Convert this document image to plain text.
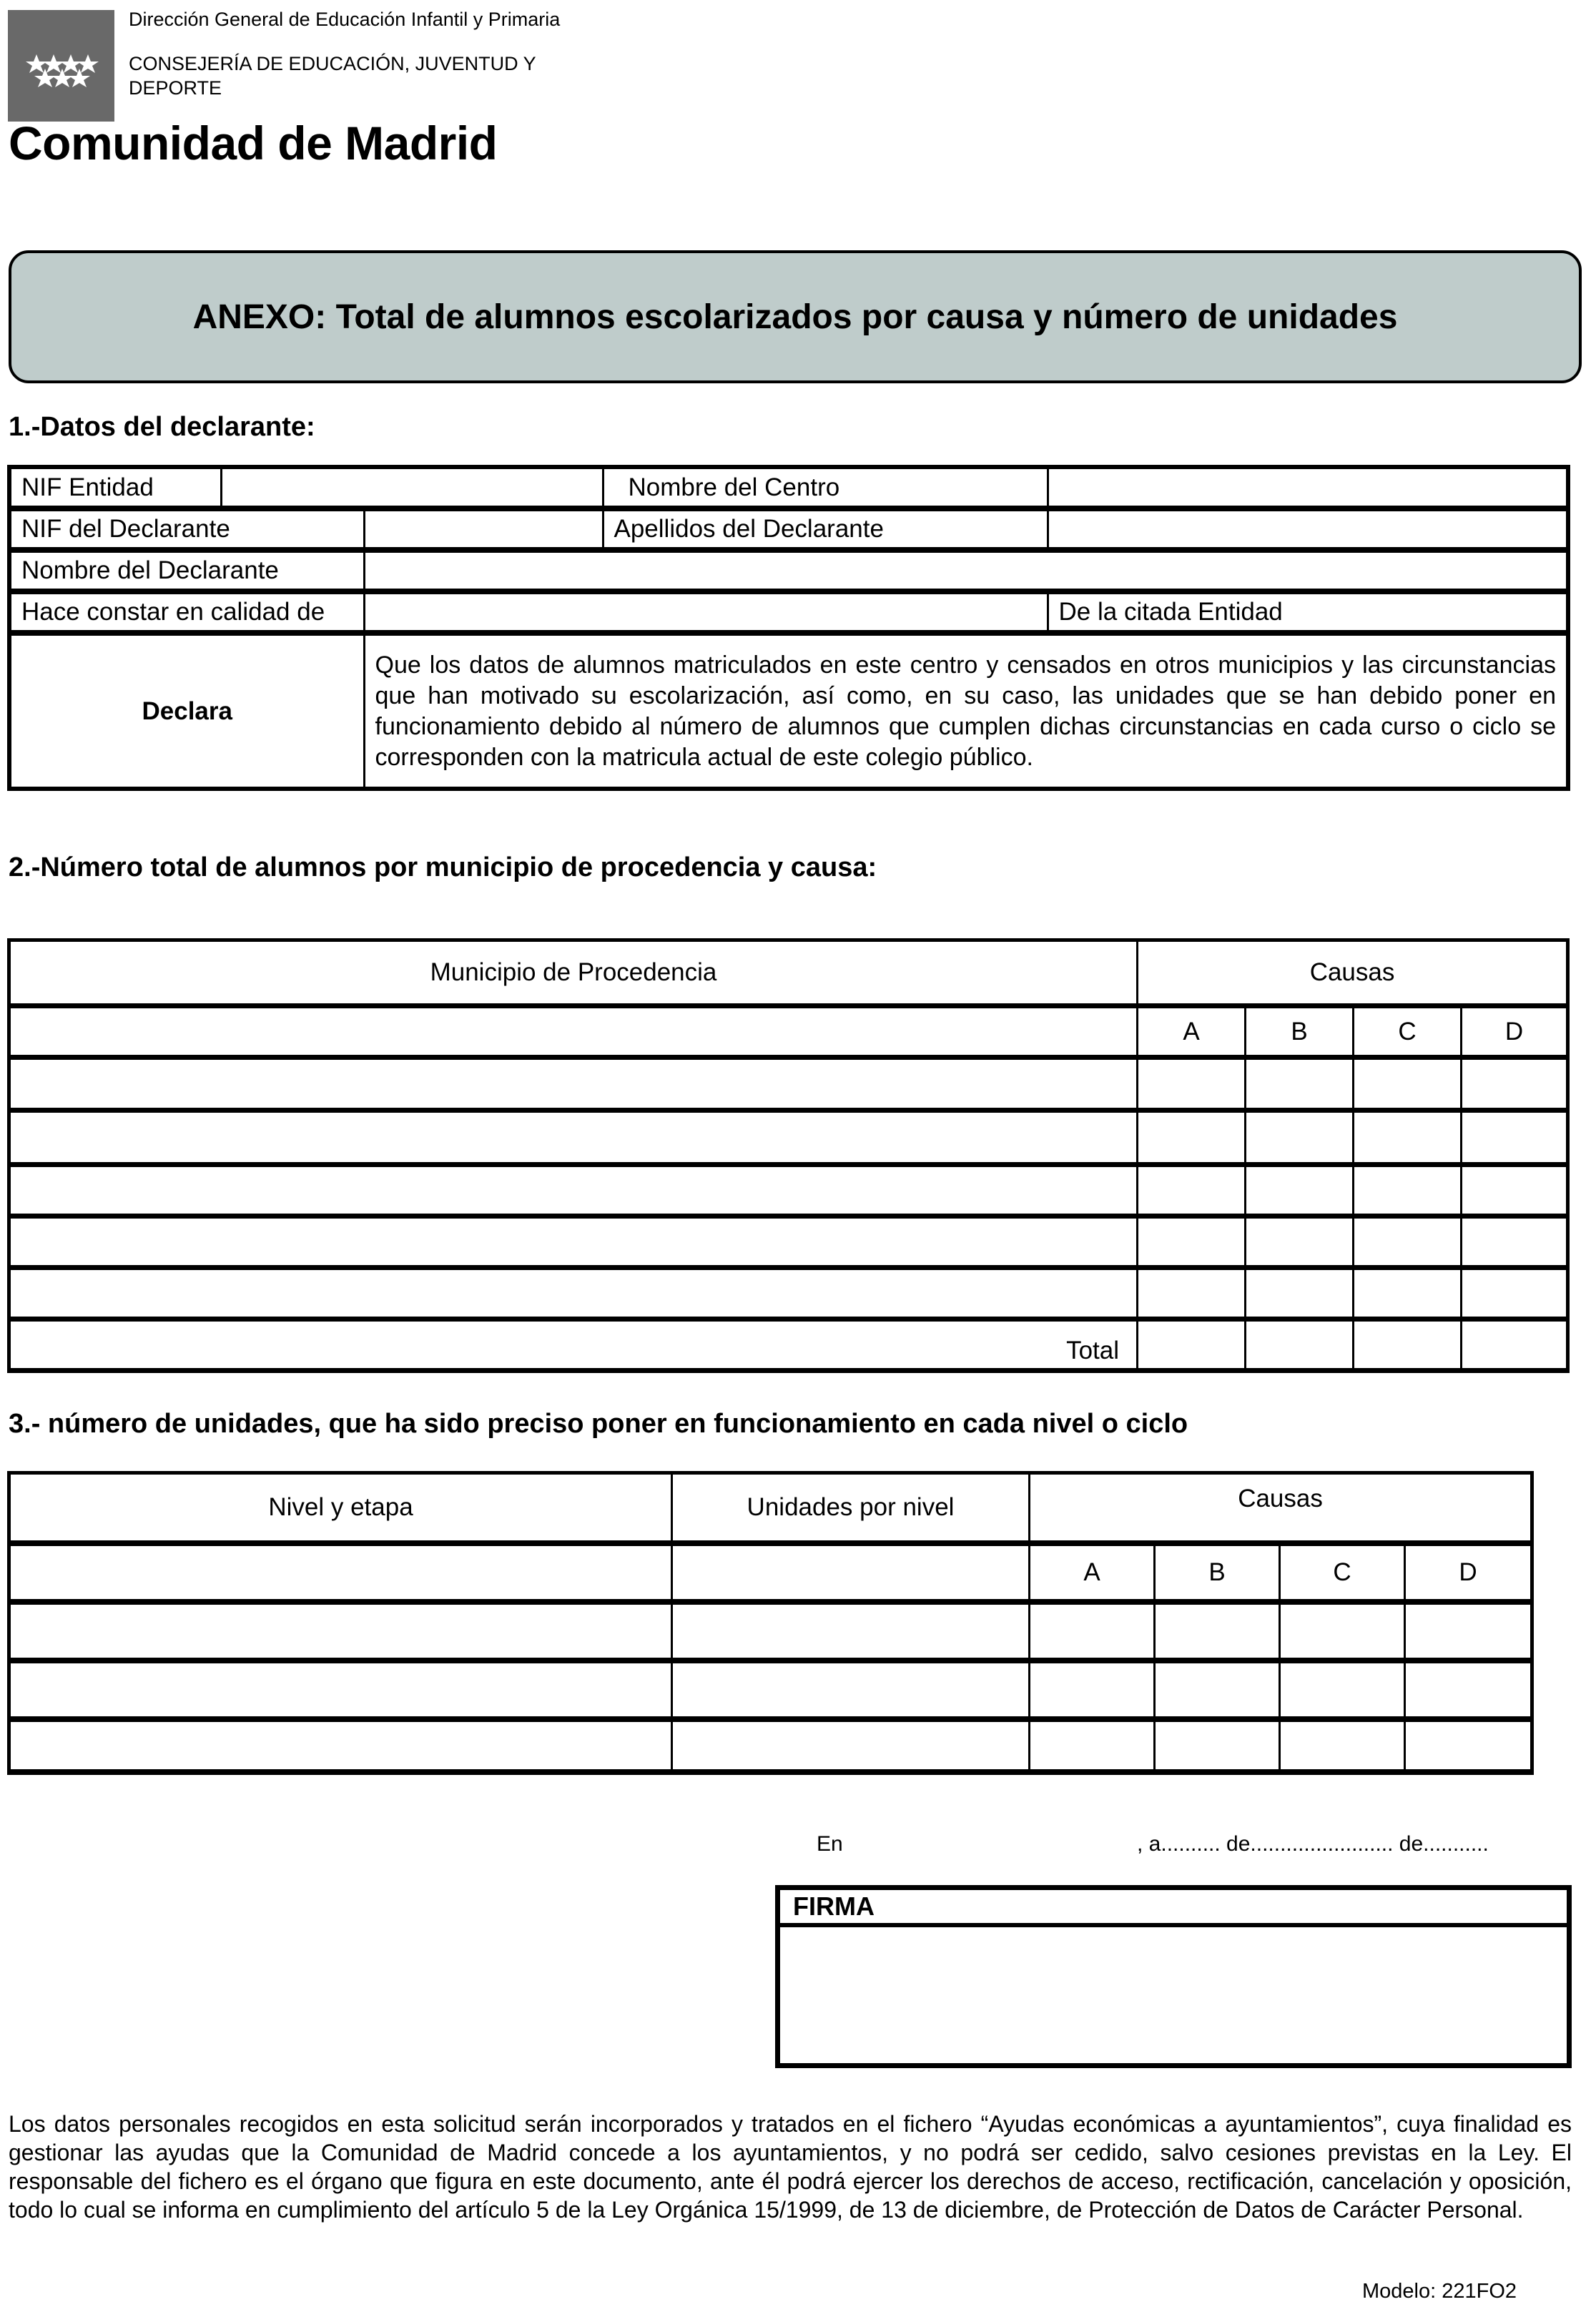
Dirección General de Educación Infantil y Primaria
CONSEJERÍA DE EDUCACIÓN, JUVENTUD Y
DEPORTE
Comunidad de Madrid
ANEXO: Total de alumnos escolarizados por causa y número de unidades
1.-Datos del declarante:
NIF Entidad			Nombre del Centro	
NIF del Declarante			Apellidos del Declarante	
Nombre del Declarante				
Hace constar en calidad de				De la citada Entidad
Declara		Que los datos de alumnos matriculados en este centro y censados en otros municipios y las circunstancias que han motivado su escolarización, así como, en su caso, las unidades que se han debido poner en funcionamiento debido al número de alumnos que cumplen dichas circunstancias en cada curso o ciclo se corresponden con la matricula actual de este colegio público.		
2.-Número total de alumnos por municipio de procedencia y causa:
Municipio de Procedencia	Causas			
	A	B	C	D

Total				
3.- número de unidades, que ha sido preciso poner en funcionamiento en cada nivel o ciclo
Nivel y etapa	Unidades por nivel	Causas			
		A	B	C	D

En	, a.......... de........................ de...........
FIRMA
Los datos personales recogidos en esta solicitud serán incorporados y tratados en el fichero “Ayudas económicas a ayuntamientos”, cuya finalidad es gestionar las ayudas que la Comunidad de Madrid concede a los ayuntamientos, y no podrá ser cedido, salvo cesiones previstas en la Ley. El responsable del fichero es el órgano que figura en este documento, ante él podrá ejercer los derechos de acceso, rectificación, cancelación y oposición, todo lo cual se informa en cumplimiento del artículo 5 de la Ley Orgánica 15/1999, de 13 de diciembre, de Protección de Datos de Carácter Personal.
Modelo: 221FO2
